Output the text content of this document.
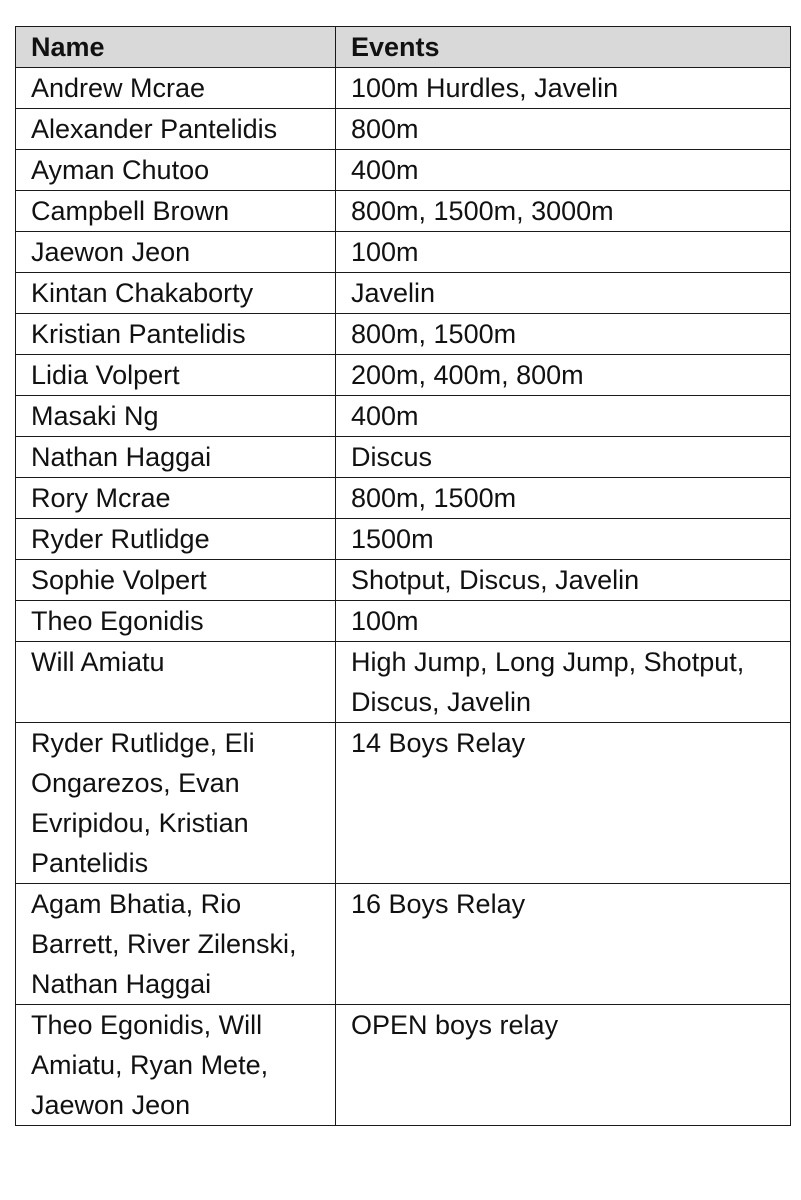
Name	Events

Andrew Mcrae	100m Hurdles, Javelin

Alexander Pantelidis	800m

Ayman Chutoo	400m

Campbell Brown	800m, 1500m, 3000m

Jaewon Jeon	100m

Kintan Chakaborty	Javelin

Kristian Pantelidis	800m, 1500m

Lidia Volpert	200m, 400m, 800m

Masaki Ng	400m

Nathan Haggai	Discus

Rory Mcrae	800m, 1500m

Ryder Rutlidge	1500m

Sophie Volpert	Shotput, Discus, Javelin

Theo Egonidis	100m

Will Amiatu	High Jump, Long Jump, Shotput, Discus, Javelin

Ryder Rutlidge, Eli Ongarezos, Evan Evripidou, Kristian Pantelidis	14 Boys Relay

Agam Bhatia, Rio Barrett, River Zilenski, Nathan Haggai	16 Boys Relay

Theo Egonidis, Will Amiatu, Ryan Mete, Jaewon Jeon	OPEN boys relay
